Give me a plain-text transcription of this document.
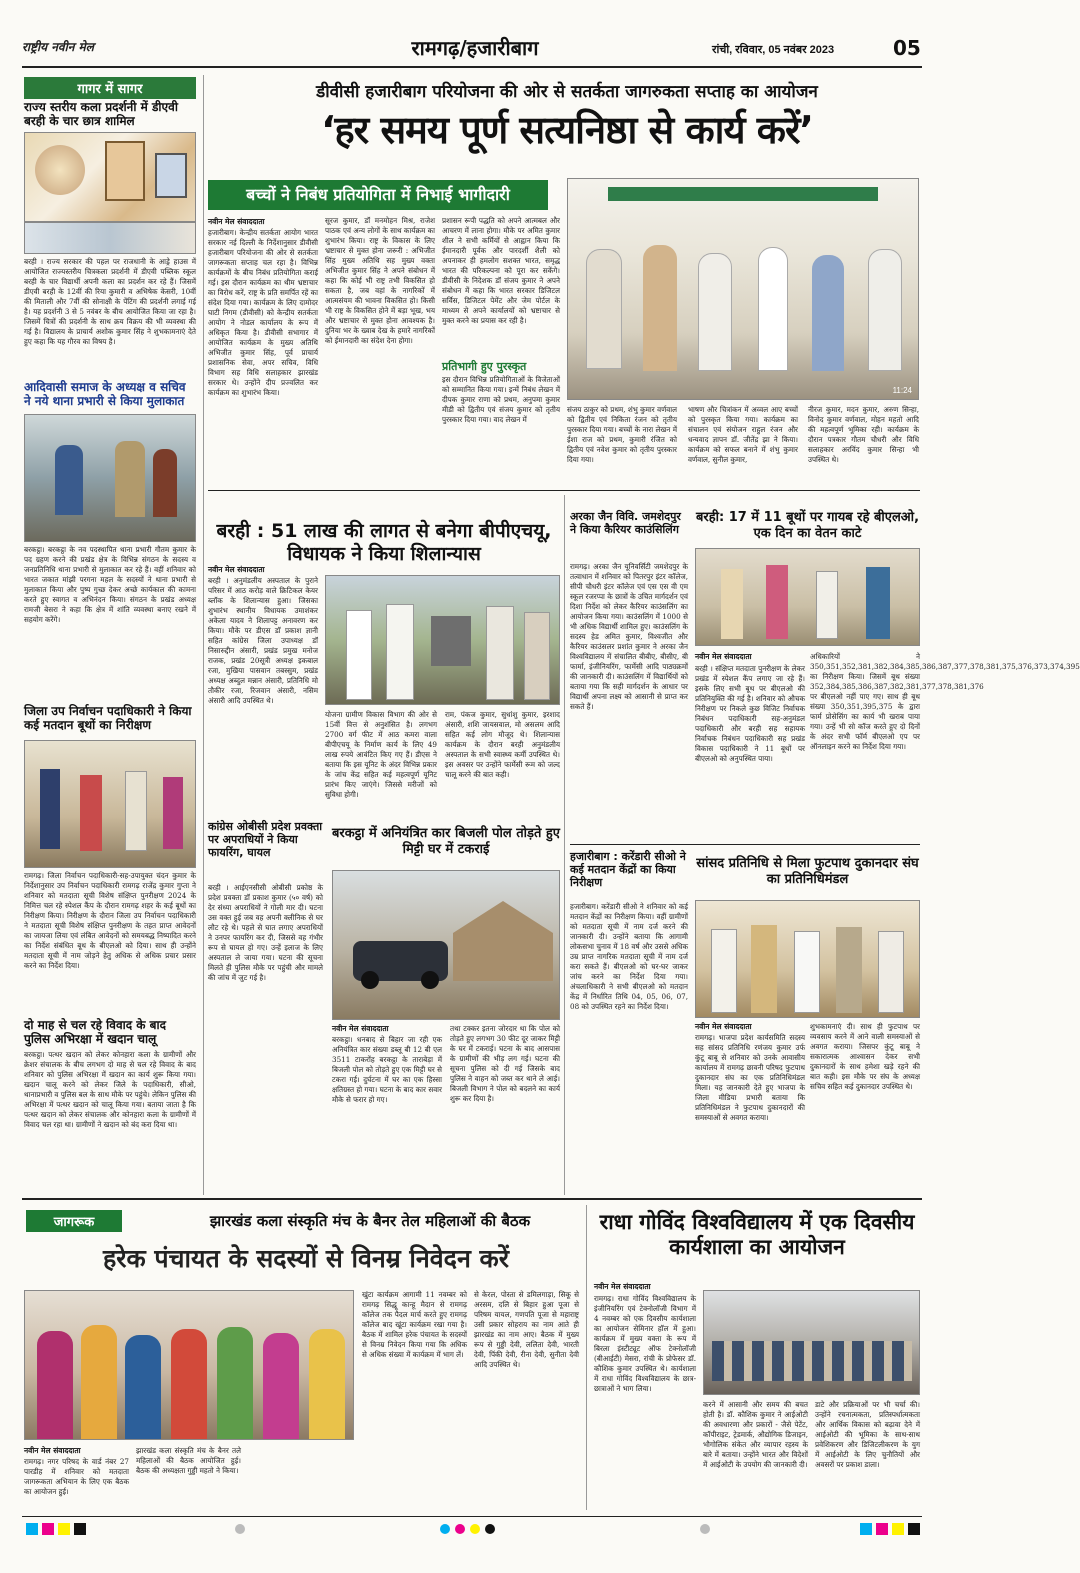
राष्ट्रीय नवीन मेल	रामगढ़/हजारीबाग	रांची, रविवार, 05 नवंबर 2023	05
गागर में सागर
राज्य स्तरीय कला प्रदर्शनी में डीएवी बरही के चार छात्र शामिल
बरही । राज्य सरकार की पहल पर राजधानी के आड्रे हाउस में आयोजित राज्यस्तरीय चित्रकला प्रदर्शनी में डीएवी पब्लिक स्कूल बरही के चार विद्यार्थी अपनी कला का प्रदर्शन कर रहे हैं। जिसमें डीएवी बरही के 12वीं की रिया कुमारी व अभिषेक केसरी, 10वीं की मिताली और 7वीं की सोनाक्षी के पेंटिंग की प्रदर्शनी लगाई गई है। यह प्रदर्शनी 3 से 5 नवंबर के बीच आयोजित किया जा रहा है। जिसमें चित्रों की प्रदर्शनी के साथ क्रय विक्रय की भी व्यवस्था की गई है। विद्यालय के प्राचार्य अशोक कुमार सिंह ने शुभकामनाएं देते हुए कहा कि यह गौरव का विषय है।
आदिवासी समाज के अध्यक्ष व सचिव ने नये थाना प्रभारी से किया मुलाकात
बरकट्ठा। बरकट्ठा के नव पदस्थापित थाना प्रभारी गौतम कुमार के पद ग्रहण करने की प्रखंड क्षेत्र के विभिन्न संगठन के सदस्य व जनप्रतिनिधि थाना प्रभारी से मुलाकात कर रहे हैं। वहीं शनिवार को भारत जकात मांझी परगना महल के सदस्यों ने थाना प्रभारी से मुलाकात किया और पुष्प गुच्छ देकर अच्छे कार्यकाल की कामना करते हुए स्वागत व अभिनंदन किया। संगठन के प्रखंड अध्यक्ष रामजी बेसरा ने कहा कि क्षेत्र में शांति व्यवस्था बनाए रखने में सहयोग करेंगे।
जिला उप निर्वाचन पदाधिकारी ने किया कई मतदान बूथों का निरीक्षण
रामगढ़। जिला निर्वाचन पदाधिकारी-सह-उपायुक्त चंदन कुमार के निर्देशानुसार उप निर्वाचन पदाधिकारी रामगढ़ राजेंद्र कुमार गुप्ता ने शनिवार को मतदाता सूची विशेष संक्षिप्त पुनरीक्षण 2024 के निमित्त चल रहे स्पेशल कैंप के दौरान रामगढ़ शहर के कई बूथों का निरीक्षण किया। निरीक्षण के दौरान जिला उप निर्वाचन पदाधिकारी ने मतदाता सूची विशेष संक्षिप्त पुनरीक्षण के तहत प्राप्त आवेदनों का जायजा लिया एवं लंबित आवेदनों को समयबद्ध निष्पादित करने का निर्देश संबंधित बूथ के बीएलओ को दिया। साथ ही उन्होंने मतदाता सूची में नाम जोड़ने हेतु अधिक से अधिक प्रचार प्रसार करने का निर्देश दिया।
दो माह से चल रहे विवाद के बाद पुलिस अभिरक्षा में खदान चालू
बरकट्ठा। पत्थर खदान को लेकर कोनहारा कला के ग्रामीणों और क्रेशर संचालक के बीच लगभग दो माह से चल रहे विवाद के बाद शनिवार को पुलिस अभिरक्षा में खदान का कार्य शुरू किया गया। खदान चालू करने को लेकर जिले के पदाधिकारी, सीओ, थानाप्रभारी व पुलिस बल के साथ मौके पर पहुंचे। लेकिन पुलिस की अभिरक्षा में पत्थर खदान को चालू किया गया। बताया जाता है कि पत्थर खदान को लेकर संचालक और कोनहारा कला के ग्रामीणों में विवाद चल रहा था। ग्रामीणों ने खदान को बंद करा दिया था।
डीवीसी हजारीबाग परियोजना की ओर से सतर्कता जागरुकता सप्ताह का आयोजन
‘हर समय पूर्ण सत्यनिष्ठा से कार्य करें’
बच्चों ने निबंध प्रतियोगिता में निभाई भागीदारी
नवीन मेल संवाददाता
हजारीबाग। केन्द्रीय सतर्कता आयोग भारत सरकार नई दिल्ली के निर्देशानुसार डीवीसी हजारीबाग परियोजना की ओर से सतर्कता जागरूकता सप्ताह चल रहा है। विभिन्न कार्यक्रमों के बीच निबंध प्रतियोगिता कराई गई। इस दौरान कार्यक्रम का थीम भ्रष्टाचार का विरोध करें, राष्ट्र के प्रति समर्पित रहें का संदेश दिया गया। कार्यक्रम के लिए दामोदर घाटी निगम (डीवीसी) को केन्द्रीय सतर्कता आयोग ने नोडल कार्यालय के रूप में अधिकृत किया है। डीवीसी सभागार में आयोजित कार्यक्रम के मुख्य अतिथि अभिजीत कुमार सिंह, पूर्व प्राचार्य प्रशासनिक सेवा, अपर सचिव, विधि विभाग सह विधि सलाहकार झारखंड सरकार थे। उन्होंने दीप प्रज्वलित कर कार्यक्रम का शुभारंभ किया।
सूरज कुमार, डॉ मनमोहन मिश्र, राजेश पाठक एवं अन्य लोगों के साथ कार्यक्रम का शुभारंभ किया। राष्ट्र के विकास के लिए भ्रष्टाचार से मुक्त होना जरूरी : अभिजीत सिंह मुख्य अतिथि सह मुख्य वक्ता अभिजीत कुमार सिंह ने अपने संबोधन में कहा कि कोई भी राष्ट्र तभी विकसित हो सकता है, जब वहां के नागरिकों में आत्मसंयम की भावना विकसित हो। किसी भी राष्ट्र के विकसित होने में बड़ा भूख, भय और भ्रष्टाचार से मुक्त होना आवश्यक है। दुनिया भर के ख्वाब देख के हमारे नागरिकों को ईमानदारी का संदेश देना होगा।
प्रशासन रूपी पद्धति को अपने आत्मबल और आचरण में लाना होगा। मौके पर अमित कुमार शील ने सभी कर्मियों से आह्वान किया कि ईमानदारी पूर्वक और पारदर्शी शैली को अपनाकर ही हमलोग सशक्त भारत, समृद्ध भारत की परिकल्पना को पूरा कर सकेंगे। डीवीसी के निदेशक डॉ संजय कुमार ने अपने संबोधन में कहा कि भारत सरकार डिजिटल सर्विस, डिजिटल पेमेंट और जेम पोर्टल के माध्यम से अपने कार्यालयों को भ्रष्टाचार से मुक्त करने का प्रयास कर रही है।
प्रतिभागी हुए पुरस्कृत
इस दौरान विभिन्न प्रतियोगिताओं के विजेताओं को सम्मानित किया गया। इन्में निबंध लेखन में दीपक कुमार राणा को प्रथम, अनुपमा कुमार मीडी को द्वितीय एवं संजय कुमार को तृतीय पुरस्कार दिया गया। वाद लेखन में
11:24
संजय ठाकुर को प्रथम, शंभु कुमार वर्णवाल को द्वितीय एवं निकिता रंजन को तृतीय पुरस्कार दिया गया। बच्चों के नारा लेखन में ईशा राज को प्रथम, कुमारी रंजित को द्वितीय एवं नवेश कुमार को तृतीय पुरस्कार दिया गया।
भाषण और चित्रांकन में अव्वल आए बच्चों को पुरस्कृत किया गया। कार्यक्रम का संचालन एवं संयोजन राहुल रंजन और धन्यवाद ज्ञापन डॉ. जीतेंद्र झा ने किया। कार्यक्रम को सफल बनाने में शंभु कुमार वर्णवाल, सुनील कुमार,
नीरज कुमार, मदन कुमार, अरुण सिन्हा, विनोद कुमार वर्णवाल, मोहन महतो आदि की महत्वपूर्ण भूमिका रही। कार्यक्रम के दौरान पत्रकार गौतम चौधरी और विधि सलाहकार अरविंद कुमार सिन्हा भी उपस्थित थे।
बरही : 51 लाख की लागत से बनेगा बीपीएचयू, विधायक ने किया शिलान्यास
नवीन मेल संवाददाता
बरही । अनुमंडलीय अस्पताल के पुराने परिसर में आठ करोड़ वाले क्रिटिकल केयर ब्लॉक के शिलान्यास हुआ। जिसका शुभारंभ स्थानीय विधायक उमाशंकर अकेला यादव ने शिलापट्ट अनावरण कर किया। मौके पर डीएस डॉ प्रकाश ज्ञानी सहित कांग्रेस जिला उपाध्यक्ष डॉ निसारुद्दीन अंसारी, प्रखंड प्रमुख मनोज राजक, प्रखंड 20सूत्री अध्यक्ष इकबाल रजा, मुखिया पासवान तबस्सुम, प्रखंड अध्यक्ष अब्दुल मन्नान अंसारी, प्रतिनिधि मो तौकीर रजा, रिजवान अंसारी, नसिम अंसारी आदि उपस्थित थे।
योजना ग्रामीण विकास विभाग की ओर से 15वीं वित्त से अनुशंसित है। लगभग 2700 वर्ग फीट में आठ कमरा वाला बीपीएचयू के निर्माण कार्य के लिए 49 लाख रुपये आवंटित किए गए हैं। डीएस ने बताया कि इस यूनिट के अंदर विभिन्न प्रकार के जांच केंद्र सहित कई महत्वपूर्ण यूनिट प्रारंभ किए जाएंगे। जिससे मरीजों को सुविधा होगी।
राम, पंकज कुमार, सुधांशु कुमार, इरशाद अंसारी, शशि जायसवाल, मो असलम आदि सहित कई लोग मौजूद थे। शिलान्यास कार्यक्रम के दौरान बरही अनुमंडलीय अस्पताल के सभी स्वास्थ्य कर्मी उपस्थित थे। इस अवसर पर उन्होंने फार्मेसी रूम को जल्द चालू करने की बात कही।
कांग्रेस ओबीसी प्रदेश प्रवक्ता पर अपराधियों ने किया फायरिंग, घायल
बरही । आईएनसीसी ओबीसी प्रकोष्ठ के प्रदेश प्रवक्ता डॉ प्रकाश कुमार (५० वर्ष) को देर संध्या अपराधियों ने गोली मार दी। घटना उस वक्त हुई जब वह अपनी क्लीनिक से घर लौट रहे थे। पहले से घात लगाए अपराधियों ने उनपर फायरिंग कर दी, जिससे वह गंभीर रूप से घायल हो गए। उन्हें इलाज के लिए अस्पताल ले जाया गया। घटना की सूचना मिलते ही पुलिस मौके पर पहुंची और मामले की जांच में जुट गई है।
बरकट्ठा में अनियंत्रित कार बिजली पोल तोड़ते हुए मिट्टी घर में टकराई
नवीन मेल संवाददाता
बरकट्ठा। धनबाद से बिहार जा रही एक अनियंत्रित कार संख्या डब्लू बी 12 बी एल 3511 टाकरोंह बरकट्ठा के ताराबेड़ा में बिजली पोल को तोड़ते हुए एक मिट्टी घर से टकरा गई। दुर्घटना में घर का एक हिस्सा क्षतिग्रस्त हो गया। घटना के बाद कार सवार मौके से फरार हो गए।
तथा टक्कर इतना जोरदार था कि पोल को तोड़ते हुए लगभग 30 फीट दूर जाकर मिट्टी के घर में टकराई। घटना के बाद आसपास के ग्रामीणों की भीड़ लग गई। घटना की सूचना पुलिस को दी गई जिसके बाद पुलिस ने वाहन को जब्त कर थाने ले आई। बिजली विभाग ने पोल को बदलने का कार्य शुरू कर दिया है।
अरका जैन विवि. जमशेदपुर ने किया कैरियर काउंसिलिंग
रामगढ़। अरका जैन यूनिवर्सिटी जमशेदपुर के तत्वाधान में शनिवार को पितरपुर इंटर कॉलेज, सीपी चौधरी इंटर कॉलेज एवं एस एस वी एम स्कूल रजरप्पा के छात्रों के उचित मार्गदर्शन एवं दिशा निर्देश को लेकर कैरियर काउंसलिंग का आयोजन किया गया। काउंसलिंग में 1000 से भी अधिक विद्यार्थी शामिल हुए। काउंसलिंग के सदस्य हेड अमित कुमार, विश्वजीत और कैरियर काउंसलर प्रशांत कुमार ने अरका जैन विश्वविद्यालय में संचालित बीबीए, बीसीए, बी फार्मा, इंजीनियरिंग, फार्मेसी आदि पाठ्यक्रमों की जानकारी दी। काउंसलिंग में विद्यार्थियों को बताया गया कि सही मार्गदर्शन के आधार पर विद्यार्थी अपना लक्ष्य को आसानी से प्राप्त कर सकते हैं।
बरही: 17 में 11 बूथों पर गायब रहे बीएलओ, एक दिन का वेतन काटे
नवीन मेल संवाददाता
बरही । संक्षिप्त मतदाता पुनरीक्षण के लेकर प्रखंड में स्पेशल कैंप लगाए जा रहे हैं। इसके लिए सभी बूथ पर बीएलओ की प्रतिनियुक्ति की गई है। शनिवार को औचक निरीक्षण पर निकले कुछ विजिट निर्वाचक निबंधन पदाधिकारी सह-अनुमंडल पदाधिकारी और बरही सह सहायक निर्वाचक निबंधन पदाधिकारी सह प्रखंड विकास पदाधिकारी ने 11 बूथों पर बीएलओ को अनुपस्थित पाया।
अधिकारियों ने 350,351,352,381,382,384,385,386,387,377,378,381,375,376,373,374,395 का निरीक्षण किया। जिसमें बूथ संख्या 352,384,385,386,387,382,381,377,378,381,376 पर बीएलओ नहीं पाए गए। साथ ही बूथ संख्या 350,351,395,375 के द्वारा फार्म प्रोसेसिंग का कार्य भी खराब पाया गया। उन्हें भी सो कॉज करते हुए दो दिनों के अंदर सभी फॉर्म बीएलओ एप पर ऑनलाइन करने का निर्देश दिया गया।
हजारीबाग : करेंडारी सीओ ने कई मतदान केंद्रों का किया निरीक्षण
हजारीबाग। करेंडारी सीओ ने शनिवार को कई मतदान केंद्रों का निरीक्षण किया। वहीं ग्रामीणों को मतदाता सूची में नाम दर्ज करने की जानकारी दी। उन्होंने बताया कि आगामी लोकसभा चुनाव में 18 वर्ष और उससे अधिक उम्र प्राप्त नागरिक मतदाता सूची में नाम दर्ज करा सकते हैं। बीएलओ को घर-घर जाकर जांच करने का निर्देश दिया गया। अंचलाधिकारी ने सभी बीएलओ को मतदान केंद्र में निर्धारित तिथि 04, 05, 06, 07, 08 को उपस्थित रहने का निर्देश दिया।
सांसद प्रतिनिधि से मिला फुटपाथ दुकानदार संघ का प्रतिनिधिमंडल
नवीन मेल संवाददाता
रामगढ़। भाजपा प्रदेश कार्यसमिति सदस्य सह सांसद प्रतिनिधि रणंजय कुमार उर्फ कुंटू बाबू से शनिवार को उनके आवासीय कार्यालय में रामगढ़ छावनी परिषद फुटपाथ दुकानदार संघ का एक प्रतिनिधिमंडल मिला। यह जानकारी देते हुए भाजपा के जिला मीडिया प्रभारी बताया कि प्रतिनिधिमंडल ने फुटपाथ दुकानदारों की समस्याओं से अवगत कराया।
शुभकामनाएं दी। साथ ही फुटपाथ पर व्यवसाय करने में आने वाली समस्याओं से अवगत कराया। जिसपर कुंटू बाबू ने सकारात्मक आश्वासन देकर सभी दुकानदारों के साथ हमेशा खड़े रहने की बात कही। इस मौके पर संघ के अध्यक्ष सचिव सहित कई दुकानदार उपस्थित थे।
जागरूक	झारखंड कला संस्कृति मंच के बैनर तेल महिलाओं की बैठक
हरेक पंचायत के सदस्यों से विनम्र निवेदन करें
नवीन मेल संवाददाता
रामगढ़। नगर परिषद के वार्ड नंबर 27 पारडीह में शनिवार को मतदाता जागरूकता अभियान के लिए एक बैठक का आयोजन हुई।
झारखंड कला संस्कृति मंच के बैनर तले महिलाओं की बैठक आयोजित हुई। बैठक की अध्यक्षता गुड्डी महतो ने किया।
खुंटा कार्यक्रम आगामी 11 नवम्बर को रामगढ़ सिद्धू कान्हू मैदान से रामगढ़ कॉलेज तक पैदल मार्च करते हुए रामगढ़ कॉलेज बाद खूंटा कार्यक्रम रखा गया है। बैठक में शामिल हरेक पंचायत के सदस्यों से विनम्र निवेदन किया गया कि अधिक से अधिक संख्या में कार्यक्रम में भाग लें।
से केरल, पोस्ता से डमिलगाड़ा, सिकू से अरसम, दलि से बिहार हुआ पूजा से परिषम यायल, गणपति पूजा से महाराष्ट्र उसी प्रकार सोहराय का नाम आते ही झारखंड का नाम आए। बैठक में मुख्य रूप से गुड्डी देवी, ललिता देवी, भारती देवी, पिंकी देवी, रीना देवी, सुनीता देवी आदि उपस्थित थे।
राधा गोविंद विश्वविद्यालय में एक दिवसीय कार्यशाला का आयोजन
नवीन मेल संवाददाता
रामगढ़। राधा गोविंद विश्वविद्यालय के इंजीनियरिंग एवं टेक्नोलॉजी विभाग में 4 नवम्बर को एक दिवसीय कार्यशाला का आयोजन सेमिनार हॉल में हुआ। कार्यक्रम में मुख्य वक्ता के रूप में बिरला इंस्टीट्यूट ऑफ टेक्नोलॉजी (बीआईटी) मेसरा, रांची के प्रोफेसर डॉ. कौशिक कुमार उपस्थित थे। कार्यशाला में राधा गोविंद विश्वविद्यालय के छात्र-छात्राओं ने भाग लिया।
करने में आसानी और समय की बचत होती है। डॉ. कौशिक कुमार ने आईओटी की अवधारणा और प्रकारों - जैसे पेटेंट, कॉपीराइट, ट्रेडमार्क, औद्योगिक डिजाइन, भौगोलिक संकेत और व्यापार रहस्य के बारे में बताया। उन्होंने भारत और विदेशों में आईओटी के उपयोग की जानकारी दी।
डाटे और प्रक्रियाओं पर भी चर्चा की। उन्होंने रचनात्मकता, प्रतिस्पर्धात्मकता और आर्थिक विकास को बढ़ावा देने में आईओटी की भूमिका के साथ-साथ प्रवेशिकरण और डिजिटलीकरण के युग में आईओटी के लिए चुनौतियों और अवसरों पर प्रकाश डाला।
